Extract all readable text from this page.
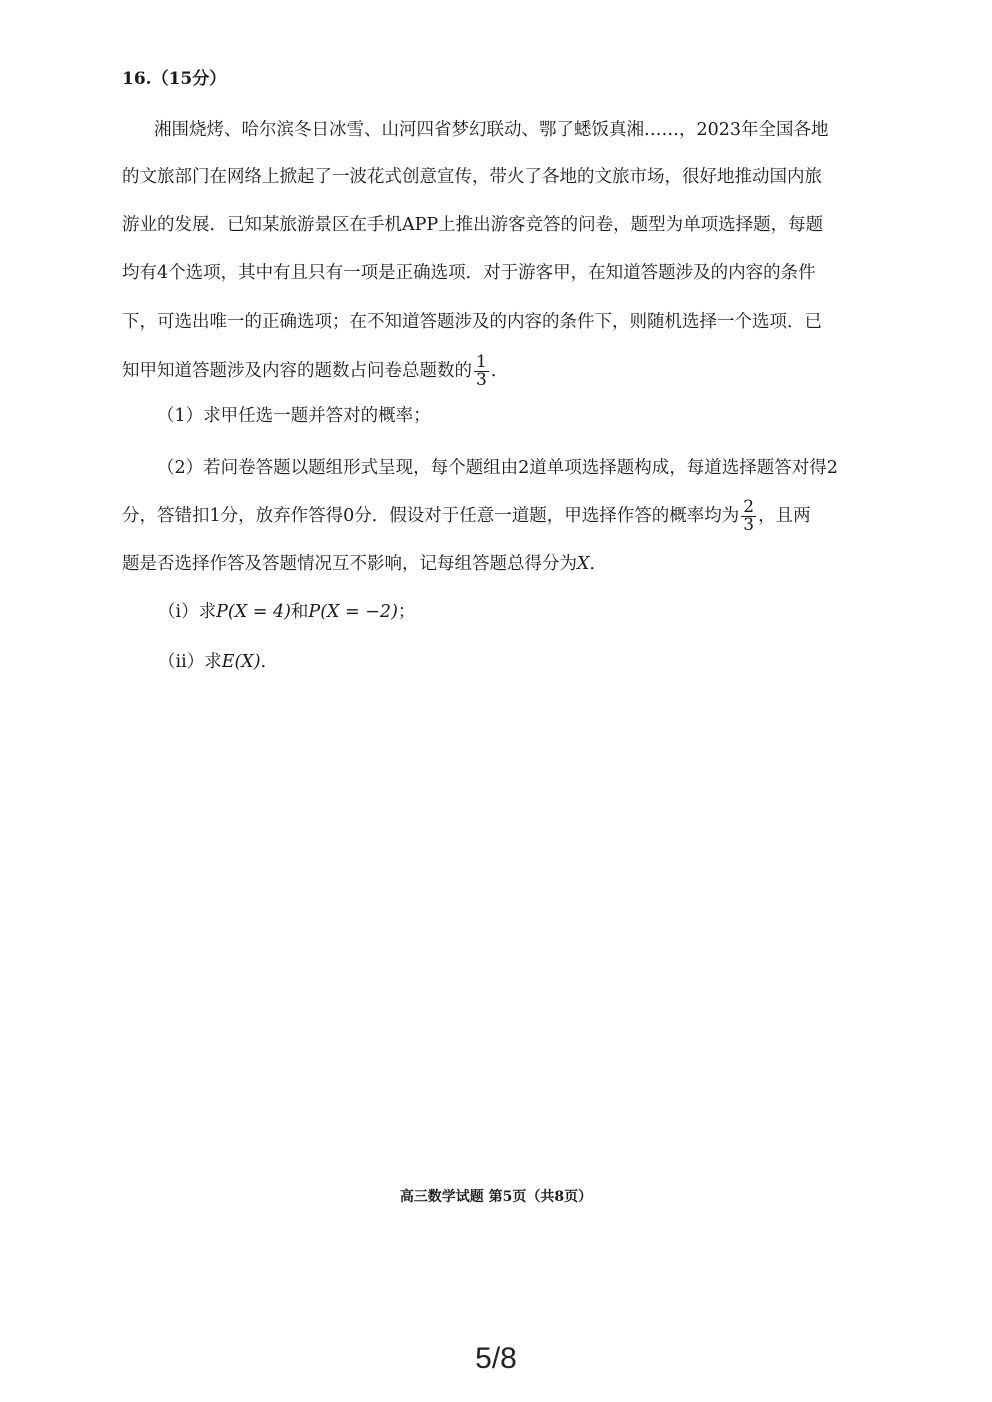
16.（15分）
湘围烧烤、哈尔滨冬日冰雪、山河四省梦幻联动、鄂了蟋饭真湘……，2023年全国各地
的文旅部门在网络上掀起了一波花式创意宣传，带火了各地的文旅市场，很好地推动国内旅
游业的发展．已知某旅游景区在手机APP上推出游客竞答的问卷，题型为单项选择题，每题
均有4个选项，其中有且只有一项是正确选项．对于游客甲，在知道答题涉及的内容的条件
下，可选出唯一的正确选项；在不知道答题涉及的内容的条件下，则随机选择一个选项．已
知甲知道答题涉及内容的题数占问卷总题数的 $\frac{1}{3}$ ．
（1）求甲任选一题并答对的概率；
（2）若问卷答题以题组形式呈现，每个题组由2道单项选择题构成，每道选择题答对得2
分，答错扣1分，放弃作答得0分．假设对于任意一道题，甲选择作答的概率均为 $\frac{2}{3}$ ，且两
题是否选择作答及答题情况互不影响，记每组答题总得分为X．
（i）求P(X = 4)和P(X = −2)；
（ii）求E(X)．
高三数学试题 第5页（共8页）
5/8
